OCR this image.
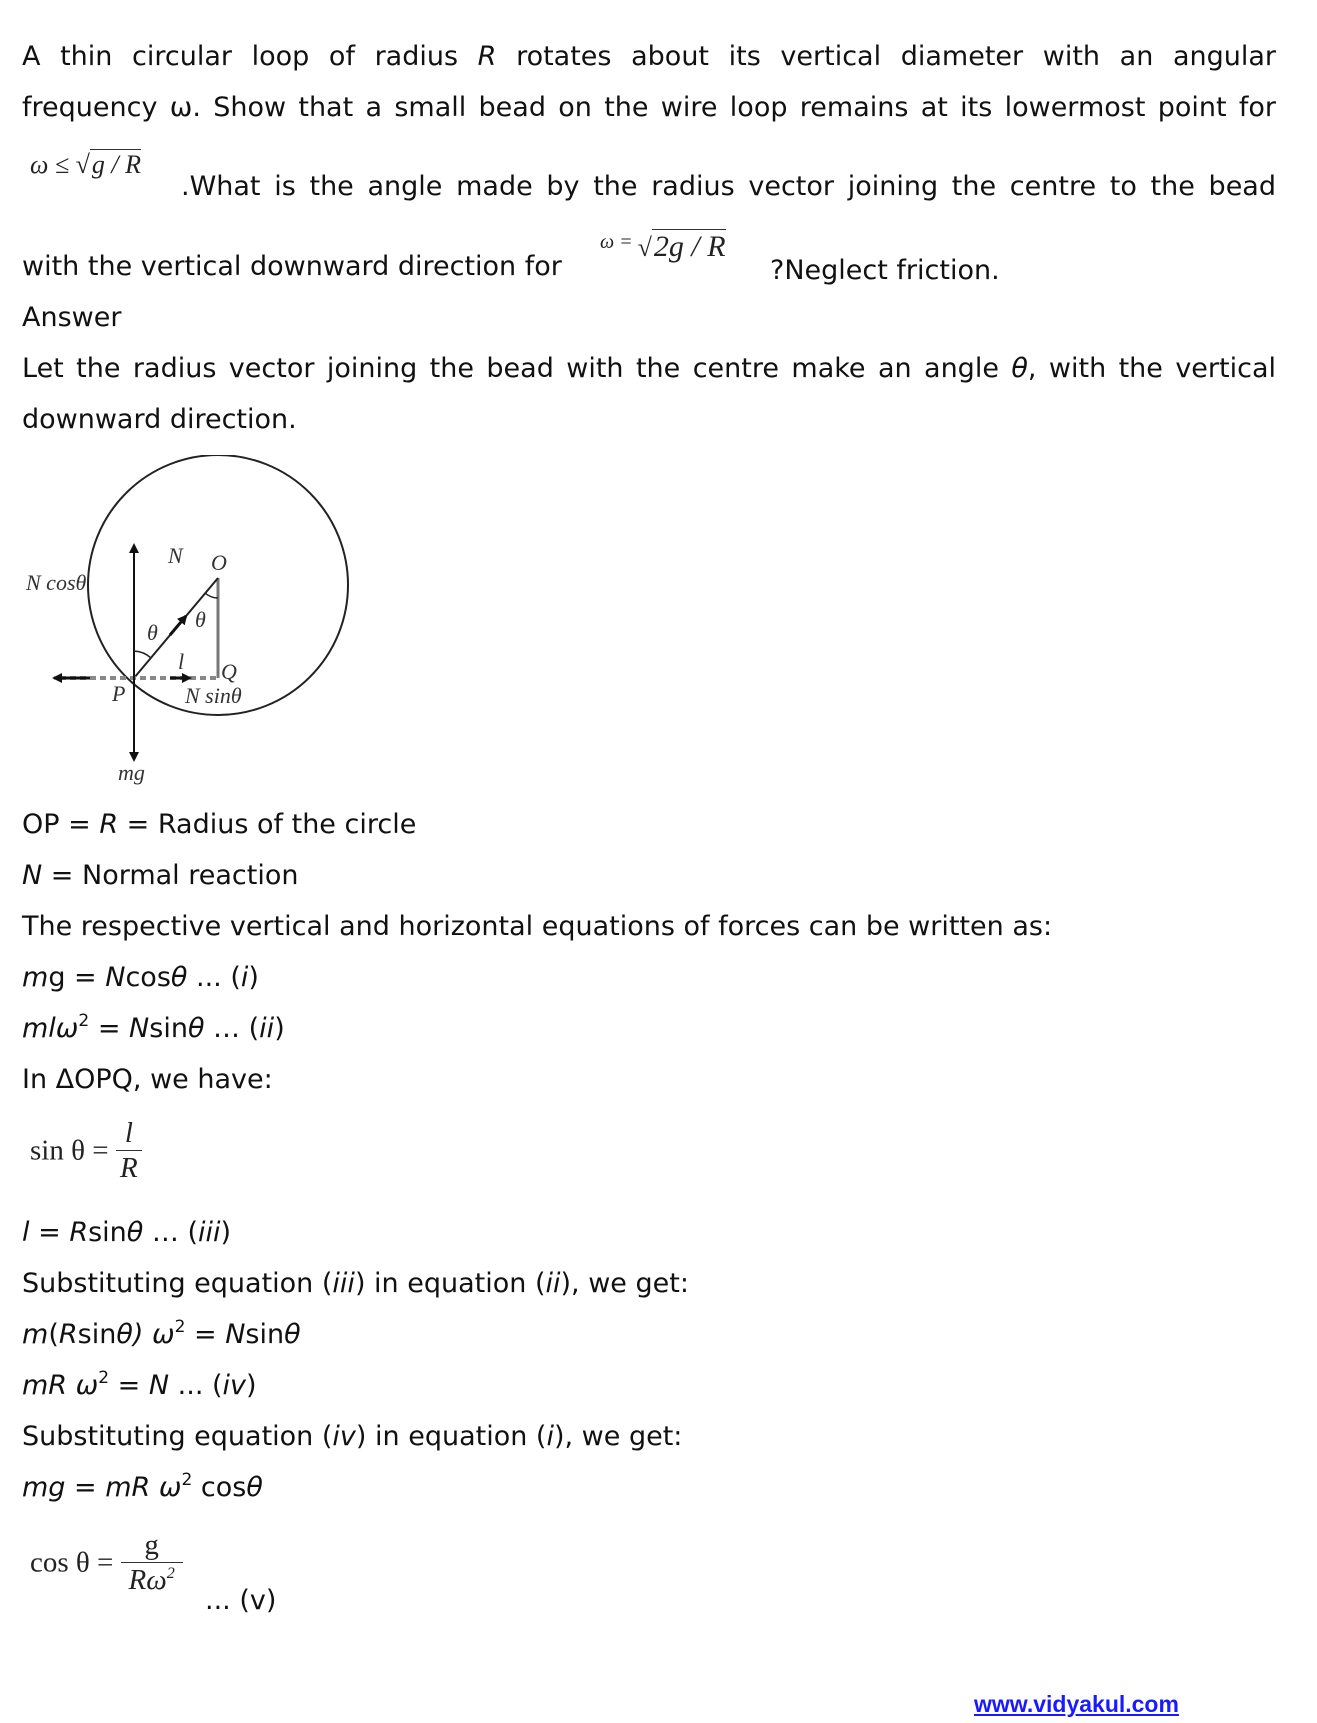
A thin circular loop of radius R rotates about its vertical diameter with an angular
frequency ω. Show that a small bead on the wire loop remains at its lowermost point for
ω ≤ √g / R
.What is the angle made by the radius vector joining the centre to the bead
with the vertical downward direction for
$^{\omega =}$ √2g / R
?Neglect friction.
Answer
Let the radius vector joining the bead with the centre make an angle θ, with the vertical
downward direction.
N cosθ
N
θ
θ
O
l Q
P	N sinθ
mg
OP = R = Radius of the circle
N = Normal reaction
The respective vertical and horizontal equations of forces can be written as:
mg = Ncosθ ... (i)
mlω$^2$ = Nsinθ … (ii)
In ΔOPQ, we have:
$\sin \theta = \frac{l}{R}$
l = Rsinθ … (iii)
Substituting equation (iii) in equation (ii), we get:
m(Rsinθ) $\omega^2 = Nsin\theta$
mR $\omega^2 = N$ ... (iv)
Substituting equation (iv) in equation (i), we get:
mg = mR $\omega^2$ cosθ
$\cos \theta = \frac{g}{R\omega^2}$
... (v)
www.vidyakul.com
